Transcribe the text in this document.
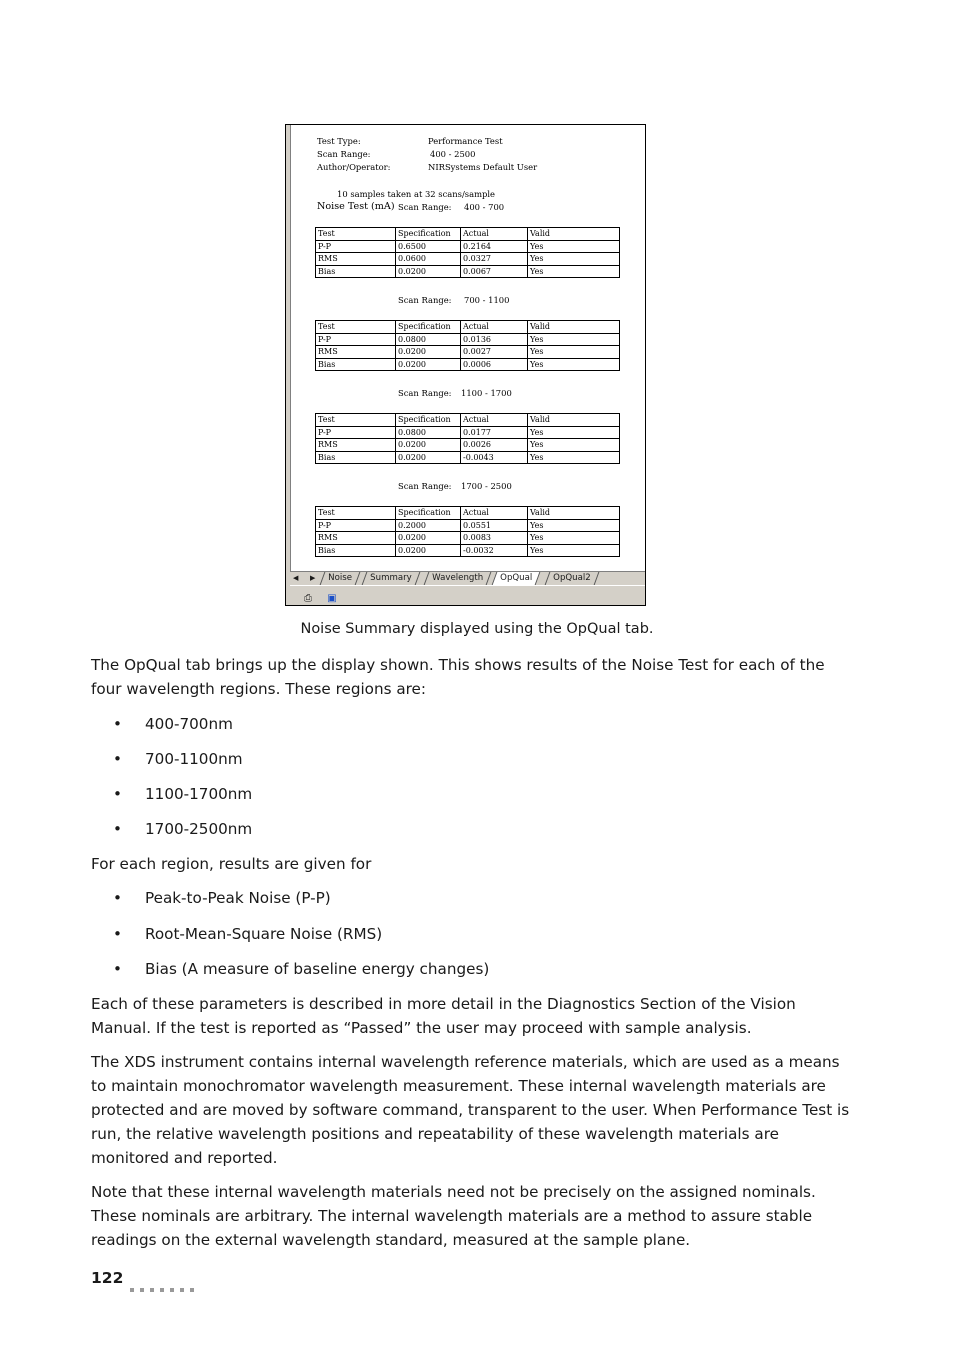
Test Type:	Performance Test
Scan Range:	400 - 2500
Author/Operator:	NIRSystems Default User
10 samples taken at 32 scans/sample
Noise Test (mA) Scan Range: 400 - 700
Test	Specification	Actual	Valid
P-P	0.6500	0.2164	Yes
RMS	0.0600	0.0327	Yes
Bias	0.0200	0.0067	Yes
Scan Range: 700 - 1100
Test	Specification	Actual	Valid
P-P	0.0800	0.0136	Yes
RMS	0.0200	0.0027	Yes
Bias	0.0200	0.0006	Yes
Scan Range: 1100 - 1700
Test	Specification	Actual	Valid
P-P	0.0800	0.0177	Yes
RMS	0.0200	0.0026	Yes
Bias	0.0200	-0.0043	Yes
Scan Range: 1700 - 2500
Test	Specification	Actual	Valid
P-P	0.2000	0.0551	Yes
RMS	0.0200	0.0083	Yes
Bias	0.0200	-0.0032	Yes
◀ ▶	Noise	Summary	Wavelength	OpQual	OpQual2
⎙ ▣
Noise Summary displayed using the OpQual tab.

The OpQual tab brings up the display shown. This shows results of the Noise Test for each of the four wavelength regions. These regions are:

• 400-700nm
• 700-1100nm
• 1100-1700nm
• 1700-2500nm

For each region, results are given for

• Peak-to-Peak Noise (P-P)
• Root-Mean-Square Noise (RMS)
• Bias (A measure of baseline energy changes)

Each of these parameters is described in more detail in the Diagnostics Section of the Vision Manual. If the test is reported as “Passed” the user may proceed with sample analysis.

The XDS instrument contains internal wavelength reference materials, which are used as a means to maintain monochromator wavelength measurement. These internal wavelength materials are protected and are moved by software command, transparent to the user. When Performance Test is run, the relative wavelength positions and repeatability of these wavelength materials are monitored and reported.

Note that these internal wavelength materials need not be precisely on the assigned nominals. These nominals are arbitrary. The internal wavelength materials are a method to assure stable readings on the external wavelength standard, measured at the sample plane.

122
